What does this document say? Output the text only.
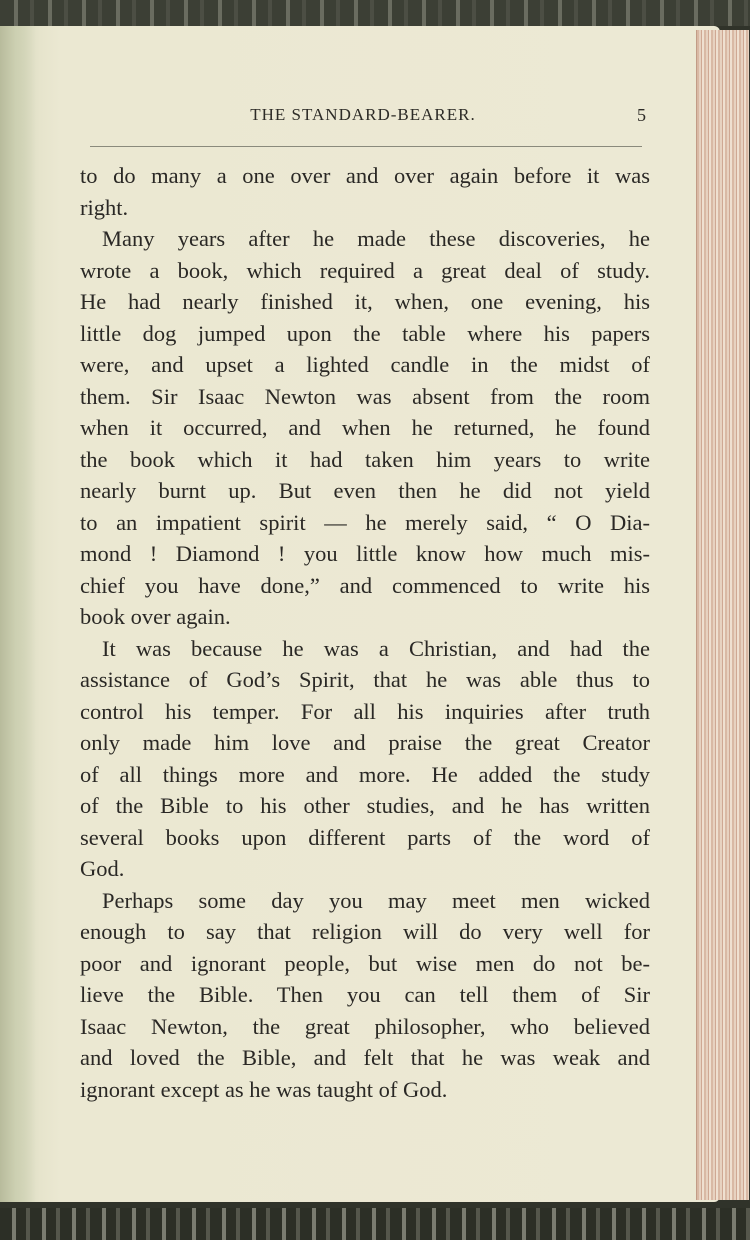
THE STANDARD-BEARER.	5
to do many a one over and over again before it was
right.
Many years after he made these discoveries, he
wrote a book, which required a great deal of study.
He had nearly finished it, when, one evening, his
little dog jumped upon the table where his papers
were, and upset a lighted candle in the midst of
them. Sir Isaac Newton was absent from the room
when it occurred, and when he returned, he found
the book which it had taken him years to write
nearly burnt up. But even then he did not yield
to an impatient spirit — he merely said, “ O Dia-
mond ! Diamond ! you little know how much mis-
chief you have done,” and commenced to write his
book over again.
It was because he was a Christian, and had the
assistance of God’s Spirit, that he was able thus to
control his temper. For all his inquiries after truth
only made him love and praise the great Creator
of all things more and more. He added the study
of the Bible to his other studies, and he has written
several books upon different parts of the word of
God.
Perhaps some day you may meet men wicked
enough to say that religion will do very well for
poor and ignorant people, but wise men do not be-
lieve the Bible. Then you can tell them of Sir
Isaac Newton, the great philosopher, who believed
and loved the Bible, and felt that he was weak and
ignorant except as he was taught of God.
